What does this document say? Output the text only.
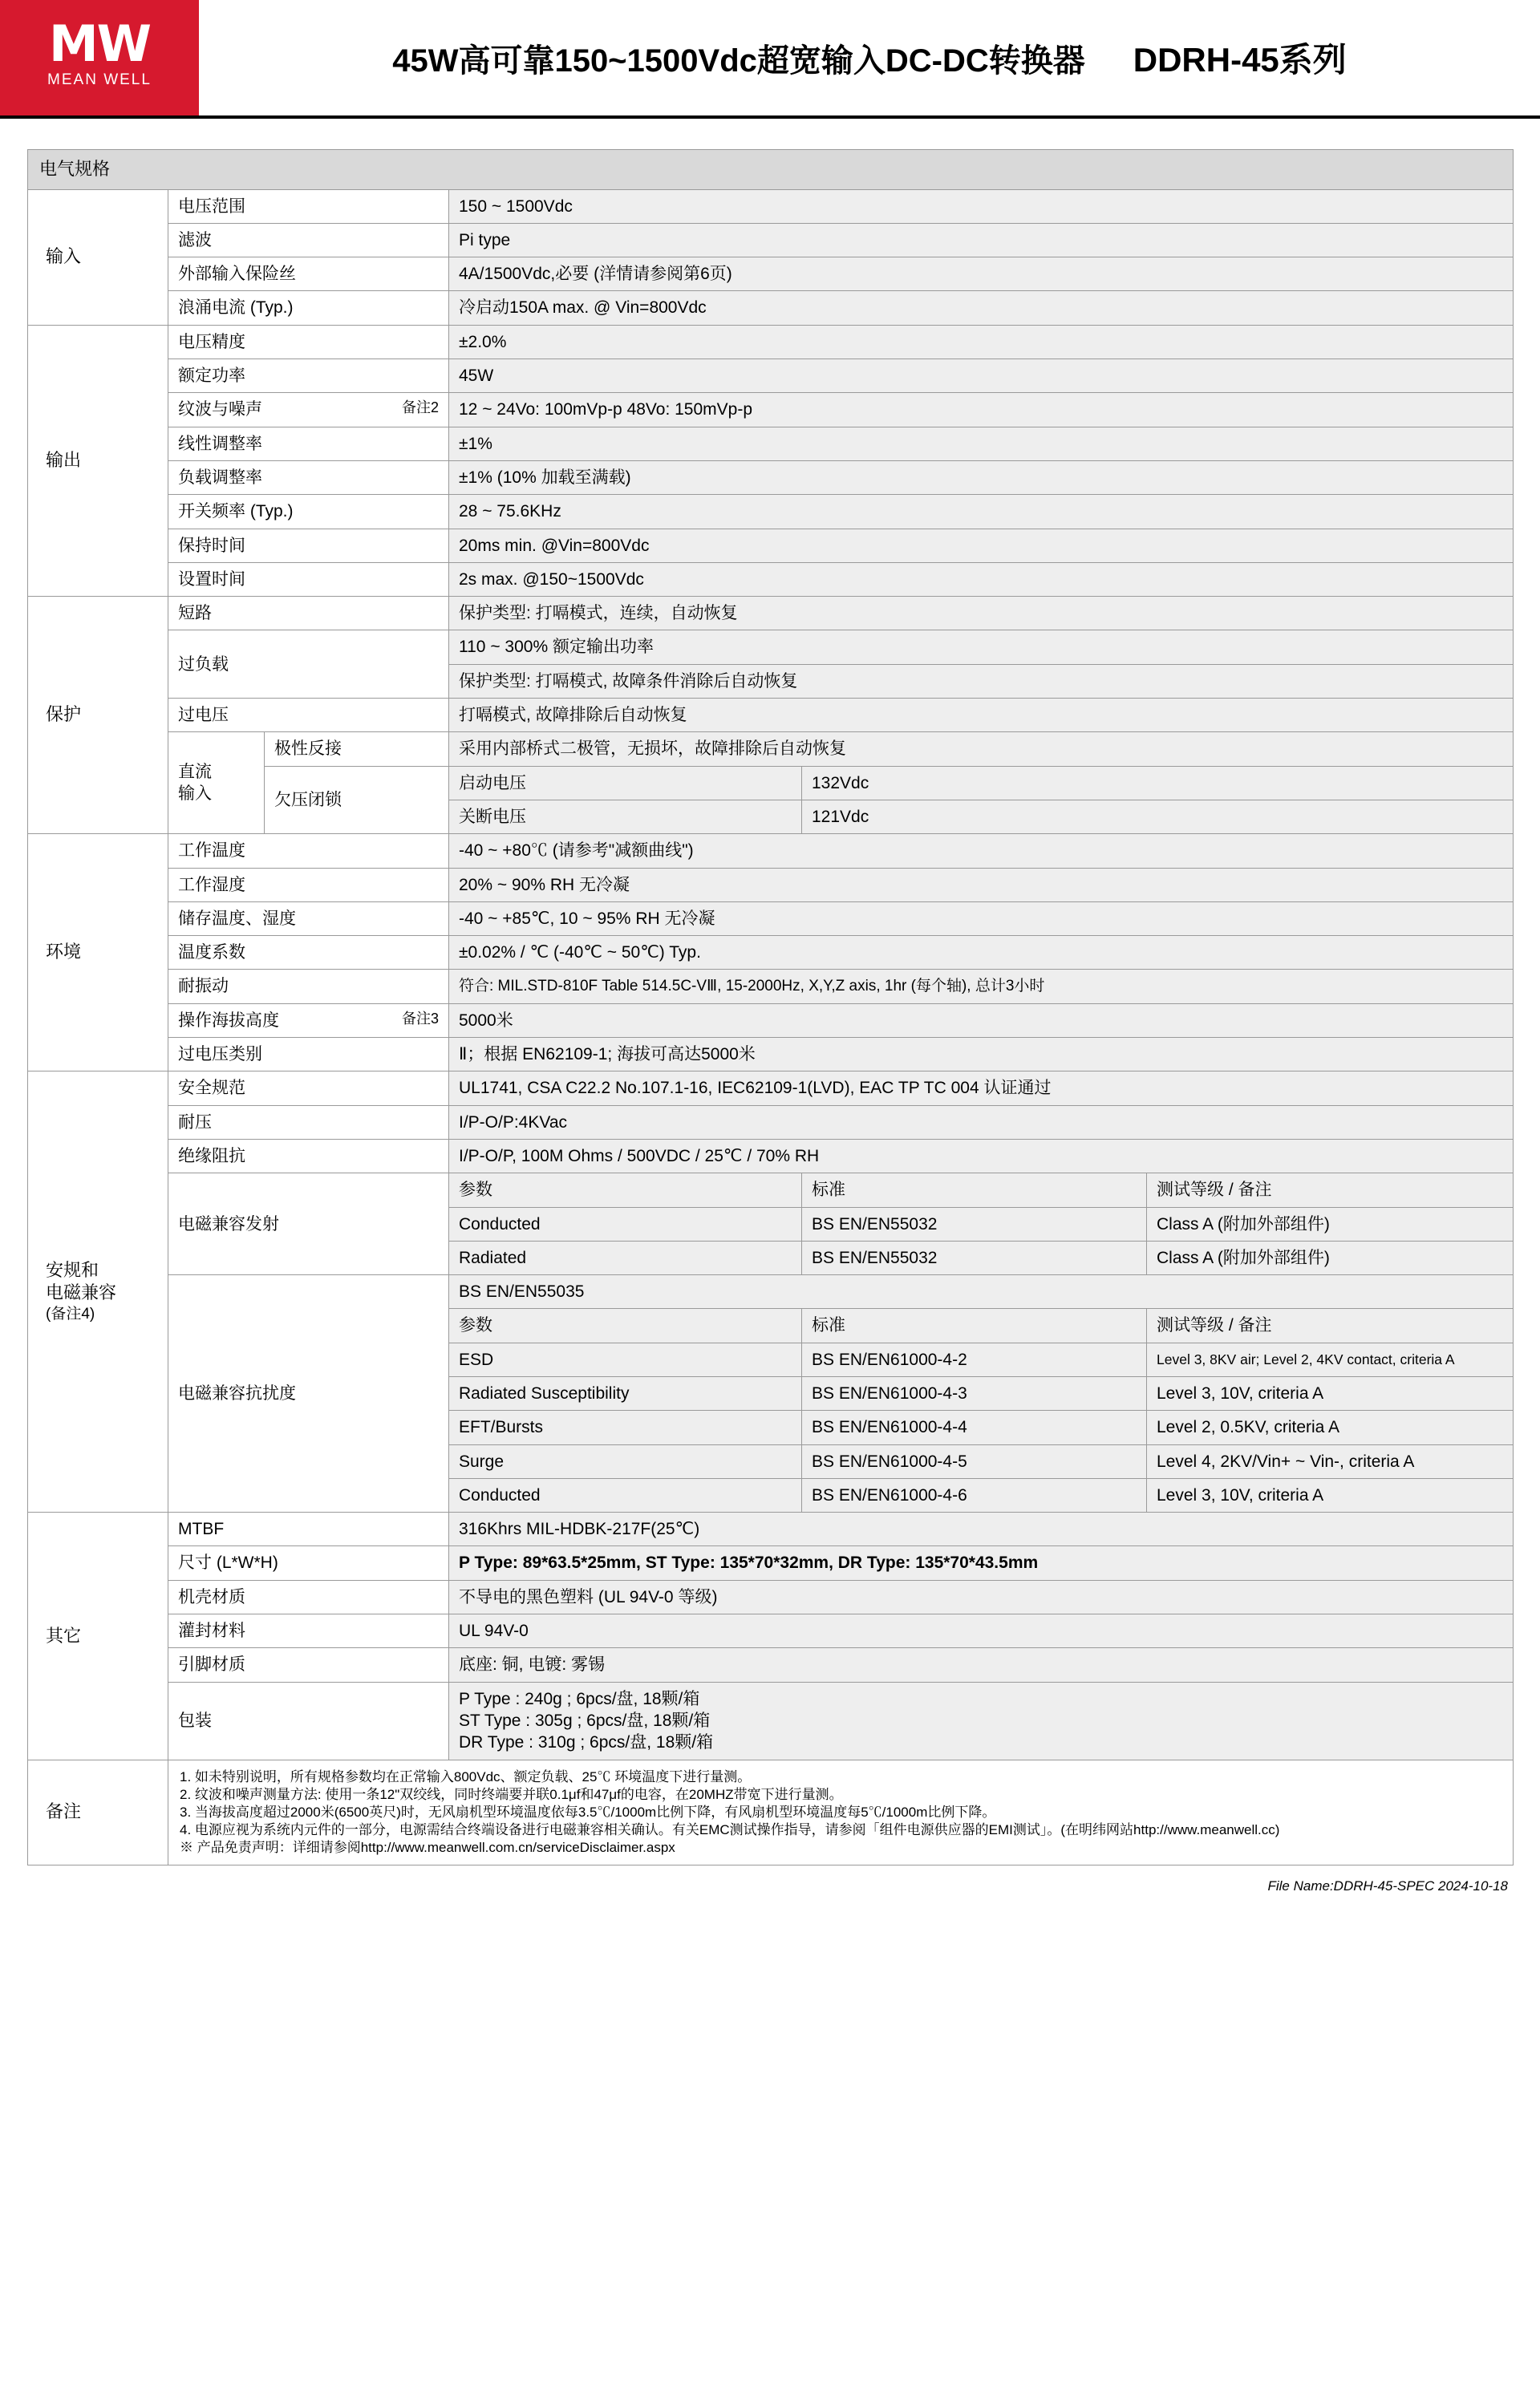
MW
MEAN WELL
45W高可靠150~1500Vdc超宽输入DC-DC转换器 DDRH-45系列
电气规格					
输入	电压范围		150 ~ 1500Vdc		
	滤波		Pi type		
	外部输入保险丝		4A/1500Vdc,必要 (洋情请参阅第6页)		
	浪涌电流 (Typ.)		冷启动150A max. @ Vin=800Vdc		
输出	电压精度		±2.0%		
	额定功率		45W		
	纹波与噪声 备注2		12 ~ 24Vo: 100mVp-p 48Vo: 150mVp-p		
	线性调整率		±1%		
	负载调整率		±1% (10% 加载至满载)		
	开关频率 (Typ.)		28 ~ 75.6KHz		
	保持时间		20ms min. @Vin=800Vdc		
	设置时间		2s max. @150~1500Vdc		
保护	短路		保护类型: 打嗝模式，连续，自动恢复		
	过负载		110 ~ 300% 额定输出功率		
			保护类型: 打嗝模式, 故障条件消除后自动恢复		
	过电压		打嗝模式, 故障排除后自动恢复		
	直流
输入	极性反接	采用内部桥式二极管，无损坏，故障排除后自动恢复		
		欠压闭锁	启动电压	132Vdc	
			关断电压	121Vdc	
环境	工作温度		-40 ~ +80℃ (请参考"减额曲线")		
	工作湿度		20% ~ 90% RH 无冷凝		
	储存温度、湿度		-40 ~ +85℃, 10 ~ 95% RH 无冷凝		
	温度系数		±0.02% / ℃ (-40℃ ~ 50℃) Typ.		
	耐振动		符合: MIL.STD-810F Table 514.5C-VⅢ, 15-2000Hz, X,Y,Z axis, 1hr (每个轴), 总计3小时		
	操作海拔高度 备注3		5000米		
	过电压类别		Ⅱ；根据 EN62109-1; 海拔可高达5000米		

安规和
电磁兼容
(备注4)	安全规范		UL1741, CSA C22.2 No.107.1-16, IEC62109-1(LVD), EAC TP TC 004 认证通过		
	耐压		I/P-O/P:4KVac		
	绝缘阻抗		I/P-O/P, 100M Ohms / 500VDC / 25℃ / 70% RH		
	电磁兼容发射		参数	标准	测试等级 / 备注
			Conducted	BS EN/EN55032	Class A (附加外部组件)
			Radiated	BS EN/EN55032	Class A (附加外部组件)
	电磁兼容抗扰度		BS EN/EN55035		
			参数	标准	测试等级 / 备注
			ESD	BS EN/EN61000-4-2	Level 3, 8KV air; Level 2, 4KV contact, criteria A
			Radiated Susceptibility	BS EN/EN61000-4-3	Level 3, 10V, criteria A
			EFT/Bursts	BS EN/EN61000-4-4	Level 2, 0.5KV, criteria A
			Surge	BS EN/EN61000-4-5	Level 4, 2KV/Vin+ ~ Vin-, criteria A
			Conducted	BS EN/EN61000-4-6	Level 3, 10V, criteria A
其它	MTBF		316Khrs MIL-HDBK-217F(25℃)		
	尺寸 (L*W*H)		P Type: 89*63.5*25mm, ST Type: 135*70*32mm, DR Type: 135*70*43.5mm		
	机壳材质		不导电的黑色塑料 (UL 94V-0 等级)		
	灌封材料		UL 94V-0		
	引脚材质		底座: 铜, 电镀: 雾锡		
	包装		P Type : 240g ; 6pcs/盘, 18颗/箱
ST Type : 305g ; 6pcs/盘, 18颗/箱
DR Type : 310g ; 6pcs/盘, 18颗/箱		

备注	1. 如未特别说明，所有规格参数均在正常输入800Vdc、额定负载、25℃ 环境温度下进行量测。
2. 纹波和噪声测量方法: 使用一条12"双绞线，同时终端要并联0.1μf和47μf的电容，在20MHZ带宽下进行量测。
3. 当海拔高度超过2000米(6500英尺)时，无风扇机型环境温度依每3.5℃/1000m比例下降，有风扇机型环境温度每5℃/1000m比例下降。
4. 电源应视为系统内元件的一部分，电源需结合终端设备进行电磁兼容相关确认。有关EMC测试操作指导，请参阅「组件电源供应器的EMI测试」。(在明纬网站http://www.meanwell.cc)
※ 产品免责声明：详细请参阅http://www.meanwell.com.cn/serviceDisclaimer.aspx				
File Name:DDRH-45-SPEC 2024-10-18
